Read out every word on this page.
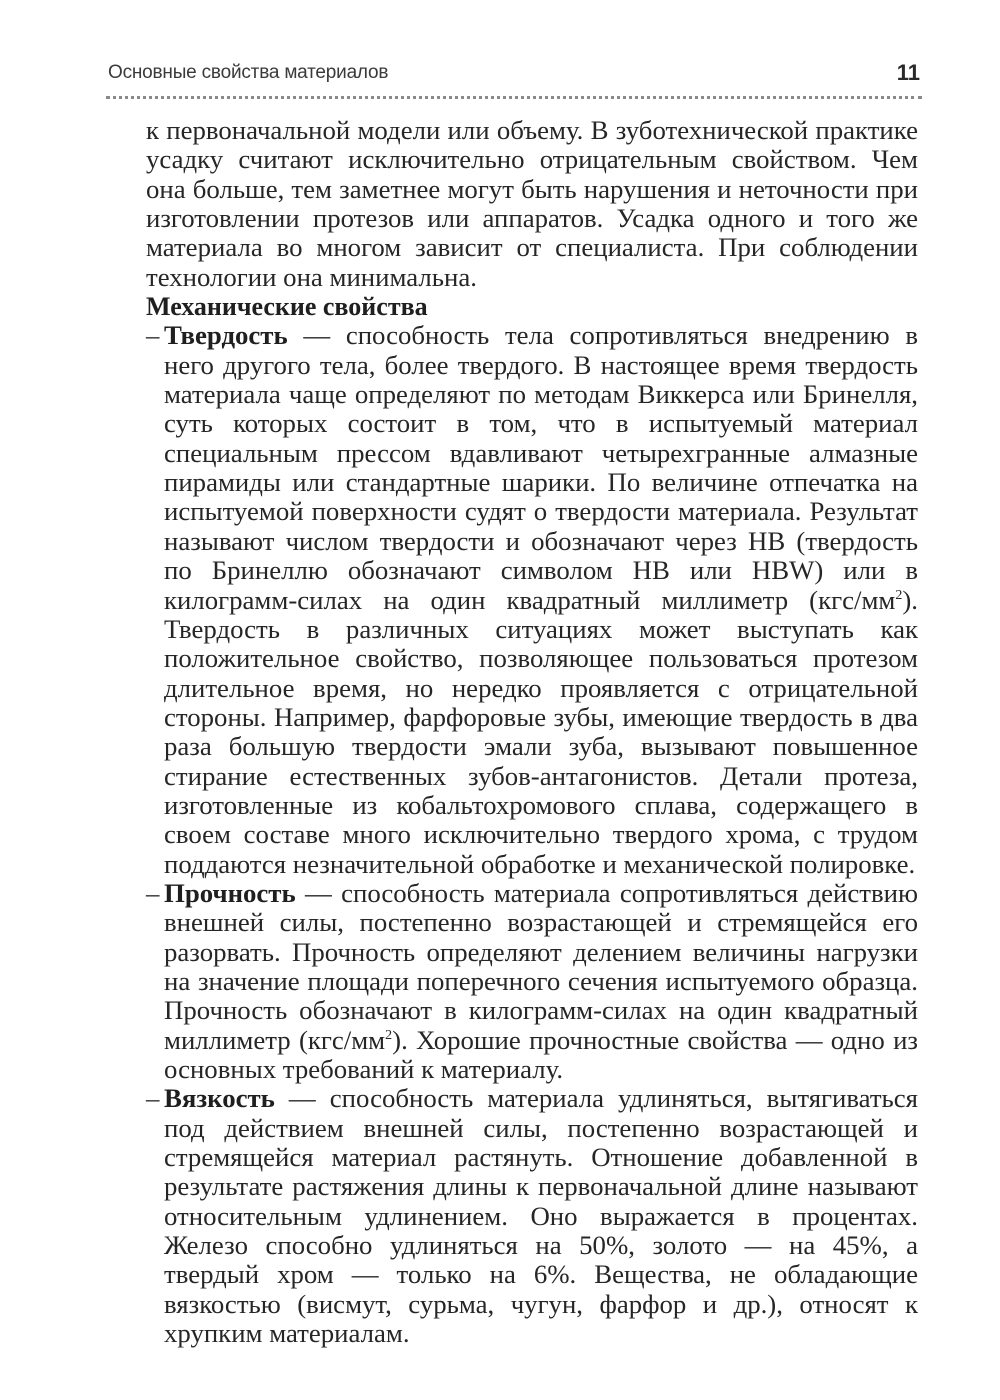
Основные свойства материалов	11

к первоначальной модели или объему. В зуботехнической практике усадку считают исключительно отрицательным свойством. Чем она больше, тем заметнее могут быть нарушения и неточности при изготовлении протезов или аппаратов. Усадка одного и того же материала во многом зависит от специалиста. При соблюдении технологии она минимальна.

Механические свойства

– Твердость — способность тела сопротивляться внедрению в него другого тела, более твердого. В настоящее время твердость материала чаще определяют по методам Виккерса или Бринелля, суть которых состоит в том, что в испытуемый материал специальным прессом вдавливают четырехгранные алмазные пирамиды или стандартные шарики. По величине отпечатка на испытуемой поверхности судят о твердости материала. Результат называют числом твердости и обозначают через НВ (твердость по Бринеллю обозначают символом НВ или HBW) или в килограмм-силах на один квадратный миллиметр $(кгс/мм^2)$. Твердость в различных ситуациях может выступать как положительное свойство, позволяющее пользоваться протезом длительное время, но нередко проявляется с отрицательной стороны. Например, фарфоровые зубы, имеющие твердость в два раза большую твердости эмали зуба, вызывают повышенное стирание естественных зубов-антагонистов. Детали протеза, изготовленные из кобальтохромового сплава, содержащего в своем составе много исключительно твердого хрома, с трудом поддаются незначительной обработке и механической полировке.

– Прочность — способность материала сопротивляться действию внешней силы, постепенно возрастающей и стремящейся его разорвать. Прочность определяют делением величины нагрузки на значение площади поперечного сечения испытуемого образца. Прочность обозначают в килограмм-силах на один квадратный миллиметр $(кгс/мм^2)$. Хорошие прочностные свойства — одно из основных требований к материалу.

– Вязкость — способность материала удлиняться, вытягиваться под действием внешней силы, постепенно возрастающей и стремящейся материал растянуть. Отношение добавленной в результате растяжения длины к первоначальной длине называют относительным удлинением. Оно выражается в процентах. Железо способно удлиняться на 50%, золото — на 45%, а твердый хром — только на 6%. Вещества, не обладающие вязкостью (висмут, сурьма, чугун, фарфор и др.), относят к хрупким материалам.
